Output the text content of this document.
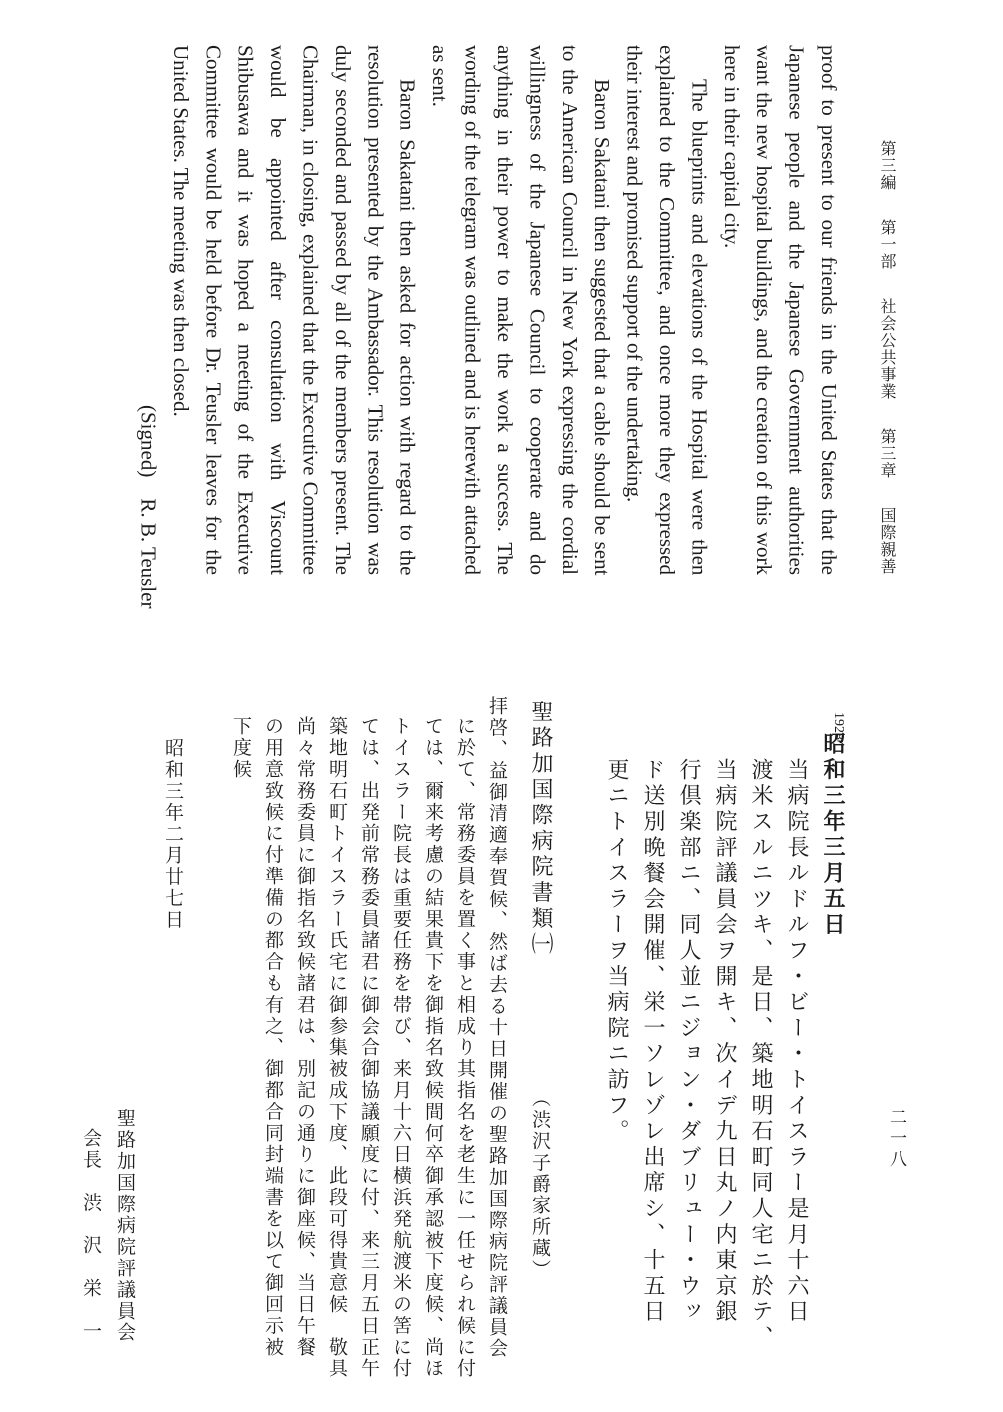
第三編 第一部 社会公共事業 第三章 国際親善
二一八

proof to present to our friends in the United States that the Japanese people and the Japanese Government authorities want the new hospital buildings, and the creation of this work here in their capital city.

The blueprints and elevations of the Hospital were then explained to the Committee, and once more they expressed their interest and promised support of the undertaking.

Baron Sakatani then suggested that a cable should be sent to the American Council in New York expressing the cordial willingness of the Japanese Council to cooperate and do anything in their power to make the work a success. The wording of the telegram was outlined and is herewith attached as sent.

Baron Sakatani then asked for action with regard to the resolution presented by the Ambassador. This resolution was duly seconded and passed by all of the members present. The Chairman, in closing, explained that the Executive Committee would be appointed after consultation with Viscount Shibusawa and it was hoped a meeting of the Executive Committee would be held before Dr. Teusler leaves for the United States. The meeting was then closed.

(Signed)　R. B. Teusler

1928
昭和三年三月五日
当病院長ルドルフ・ビー・トイスラー是月十六日
渡米スルニツキ、是日、築地明石町同人宅ニ於テ、
当病院評議員会ヲ開キ、次イデ九日丸ノ内東京銀
行倶楽部ニ、同人並ニジョン・ダブリュー・ウッ
ド送別晩餐会開催、栄一ソレゾレ出席シ、十五日
更ニトイスラーヲ当病院ニ訪フ。
聖路加国際病院書類㈠
（渋沢子爵家所蔵）
拝啓、益御清適奉賀候、然ば去る十日開催の聖路加国際病院評議員会
に於て、常務委員を置く事と相成り其指名を老生に一任せられ候に付
ては、爾来考慮の結果貴下を御指名致候間何卒御承認被下度候、尚ほ
トイスラー院長は重要任務を帯び、来月十六日横浜発航渡米の筈に付
ては、出発前常務委員諸君に御会合御協議願度に付、来三月五日正午
築地明石町トイスラー氏宅に御参集被成下度、此段可得貴意候　敬具
尚々常務委員に御指名致候諸君は、別記の通りに御座候、当日午餐
の用意致候に付準備の都合も有之、御都合同封端書を以て御回示被
下度候
昭和三年二月廿七日
聖路加国際病院評議員会
会長　渋　沢　栄　一
